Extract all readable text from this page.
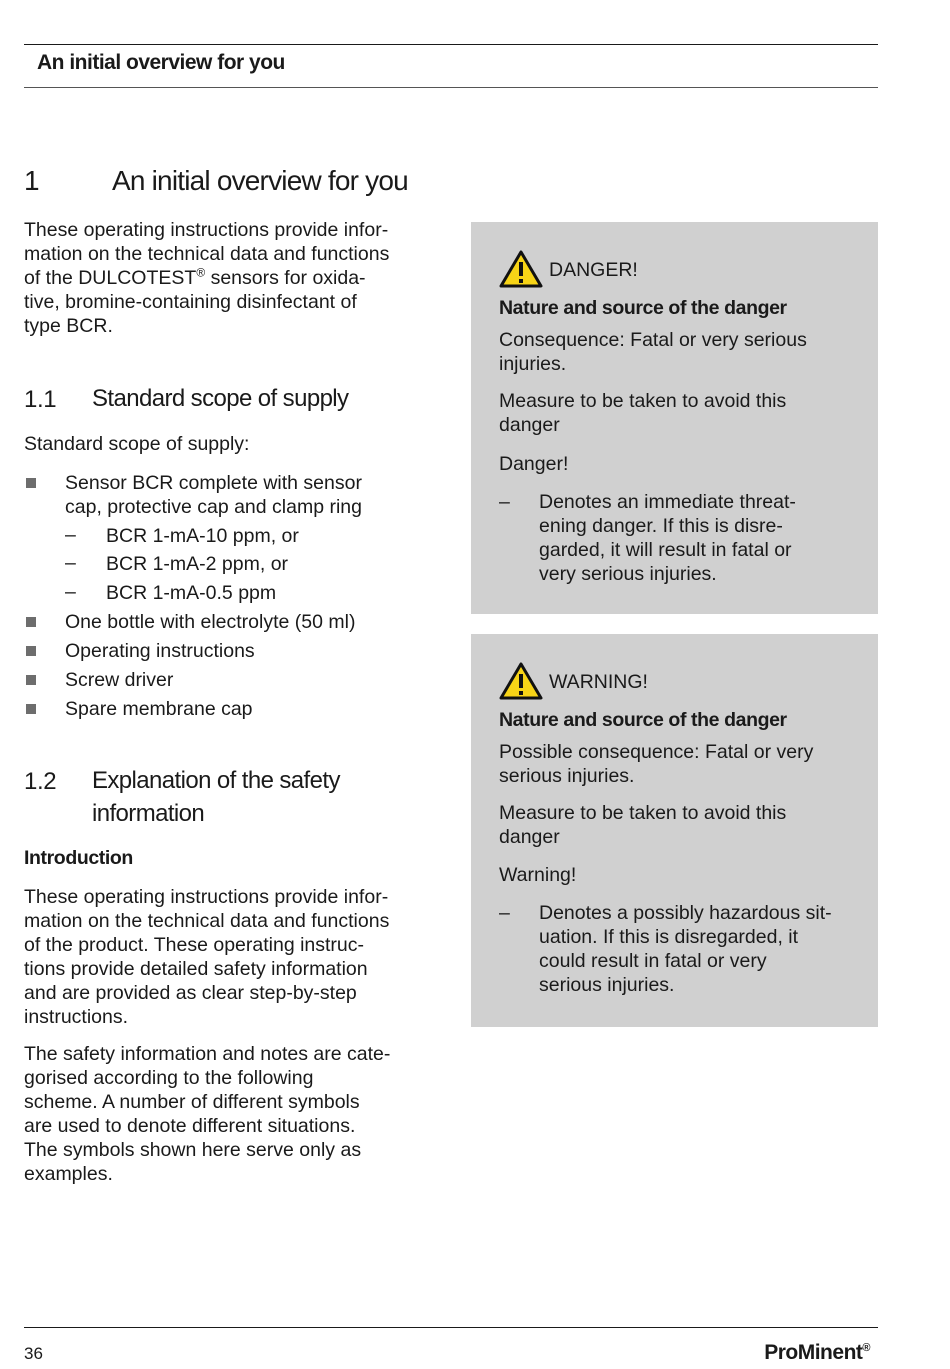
An initial overview for you
1	An initial overview for you
These operating instructions provide infor-
mation on the technical data and functions
of the DULCOTEST® sensors for oxida-
tive, bromine-containing disinfectant of
type BCR.
1.1 Standard scope of supply
Standard scope of supply:
Sensor BCR complete with sensor
cap, protective cap and clamp ring
– BCR 1-mA-10 ppm, or
– BCR 1-mA-2 ppm, or
– BCR 1-mA-0.5 ppm
One bottle with electrolyte (50 ml)
Operating instructions
Screw driver
Spare membrane cap
1.2 Explanation of the safety
information
Introduction
These operating instructions provide infor-
mation on the technical data and functions
of the product. These operating instruc-
tions provide detailed safety information
and are provided as clear step-by-step
instructions.
The safety information and notes are cate-
gorised according to the following
scheme. A number of different symbols
are used to denote different situations.
The symbols shown here serve only as
examples.
DANGER!
Nature and source of the danger
Consequence: Fatal or very serious
injuries.
Measure to be taken to avoid this
danger
Danger!
–	Denotes an immediate threat-
ening danger. If this is disre-
garded, it will result in fatal or
very serious injuries.
WARNING!
Nature and source of the danger
Possible consequence: Fatal or very
serious injuries.
Measure to be taken to avoid this
danger
Warning!
–	Denotes a possibly hazardous sit-
uation. If this is disregarded, it
could result in fatal or very
serious injuries.
36	ProMinent®
